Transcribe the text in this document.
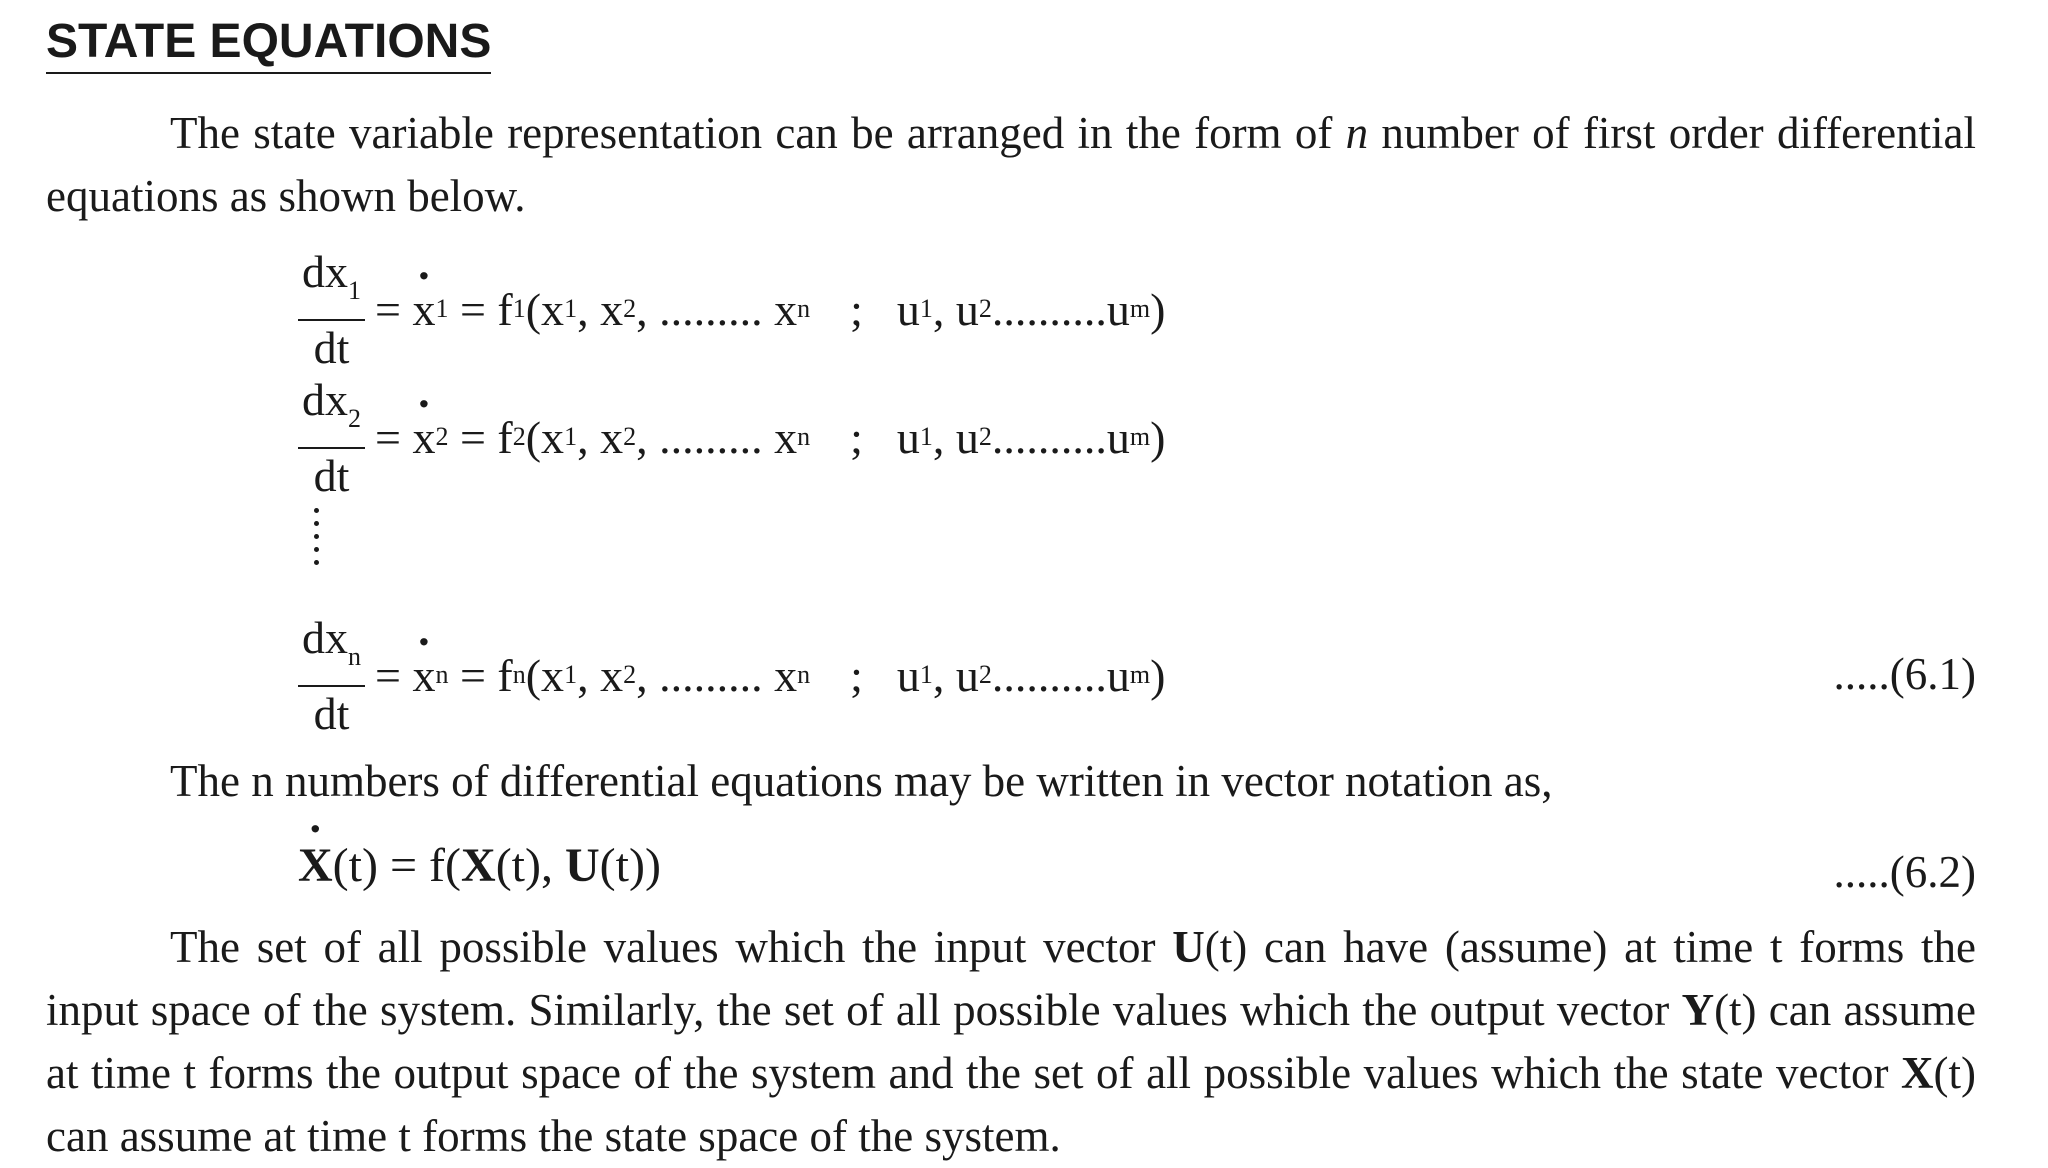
STATE EQUATIONS

The state variable representation can be arranged in the form of n number of first order differential equations as shown below.

$\frac{dx_1}{dt}$ = · x 1 = f 1 (x 1 , x 2 , ......... x n ; u 1 , u 2 ..........u m )
$\frac{dx_2}{dt}$ = · x 2 = f 2 (x 1 , x 2 , ......... x n ; u 1 , u 2 ..........u m )
$\frac{dx_n}{dt}$ = · x n = f n (x 1 , x 2 , ......... x n ; u 1 , u 2 ..........u m )	.....(6.1)

The n numbers of differential equations may be written in vector notation as,

· X(t) = f(X(t), U(t))	.....(6.2)

The set of all possible values which the input vector U(t) can have (assume) at time t forms the input space of the system. Similarly, the set of all possible values which the output vector Y(t) can assume at time t forms the output space of the system and the set of all possible values which the state vector X(t) can assume at time t forms the state space of the system.
